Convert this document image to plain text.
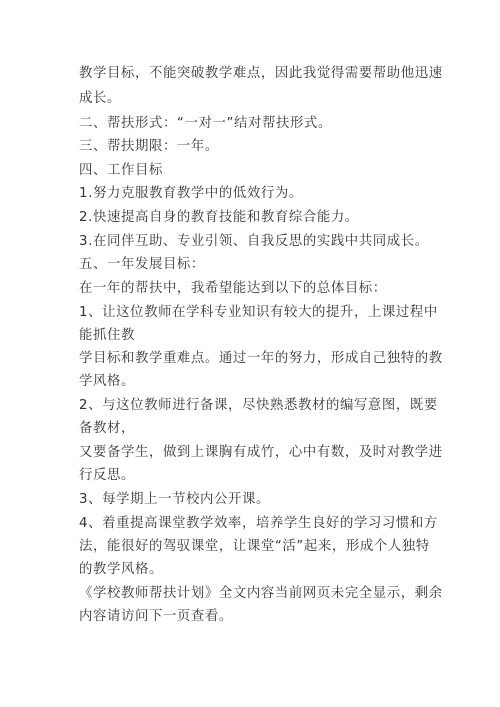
教学目标，不能突破教学难点，因此我觉得需要帮助他迅速
成长。
二、帮扶形式：“一对一”结对帮扶形式。
三、帮扶期限：一年。
四、工作目标
1.努力克服教育教学中的低效行为。
2.快速提高自身的教育技能和教育综合能力。
3.在同伴互助、专业引领、自我反思的实践中共同成长。
五、一年发展目标：
在一年的帮扶中，我希望能达到以下的总体目标：
1、让这位教师在学科专业知识有较大的提升，上课过程中
能抓住教
学目标和教学重难点。通过一年的努力，形成自己独特的教
学风格。
2、与这位教师进行备课，尽快熟悉教材的编写意图，既要
备教材，
又要备学生，做到上课胸有成竹，心中有数，及时对教学进
行反思。
3、每学期上一节校内公开课。
4、着重提高课堂教学效率，培养学生良好的学习习惯和方
法，能很好的驾驭课堂，让课堂“活”起来，形成个人独特
的教学风格。
《学校教师帮扶计划》全文内容当前网页未完全显示，剩余
内容请访问下一页查看。
